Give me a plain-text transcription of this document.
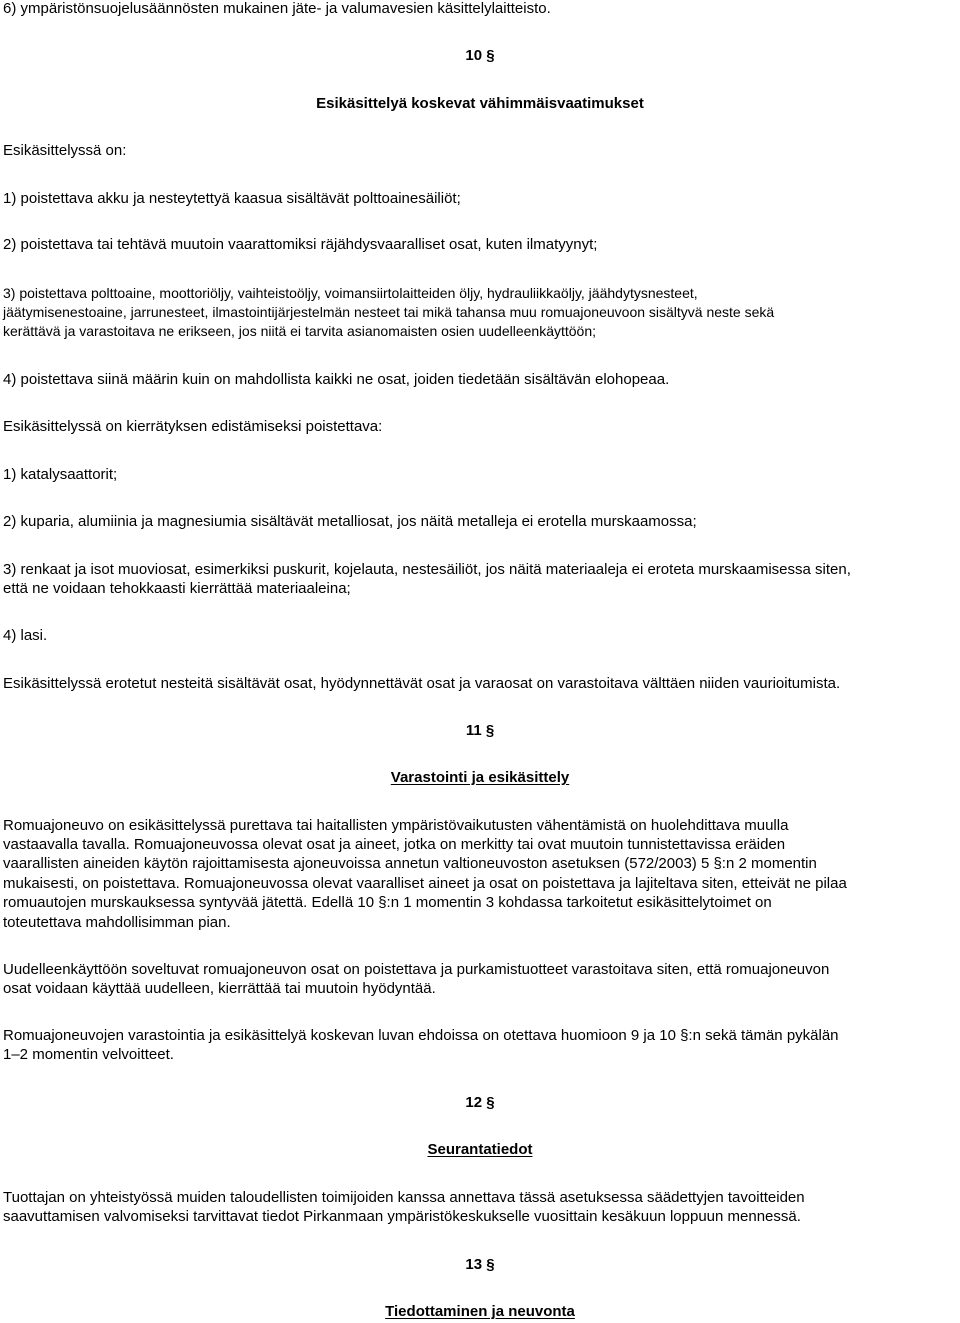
6) ympäristönsuojelusäännösten mukainen jäte- ja valumavesien käsittelylaitteisto.

10 §

Esikäsittelyä koskevat vähimmäisvaatimukset

Esikäsittelyssä on:

1) poistettava akku ja nesteytettyä kaasua sisältävät polttoainesäiliöt;

2) poistettava tai tehtävä muutoin vaarattomiksi räjähdysvaaralliset osat, kuten ilmatyynyt;

3) poistettava polttoaine, moottoriöljy, vaihteistoöljy, voimansiirtolaitteiden öljy, hydrauliikkaöljy, jäähdytysnesteet,

jäätymisenestoaine, jarrunesteet, ilmastointijärjestelmän nesteet tai mikä tahansa muu romuajoneuvoon sisältyvä neste sekä

kerättävä ja varastoitava ne erikseen, jos niitä ei tarvita asianomaisten osien uudelleenkäyttöön;

4) poistettava siinä määrin kuin on mahdollista kaikki ne osat, joiden tiedetään sisältävän elohopeaa.

Esikäsittelyssä on kierrätyksen edistämiseksi poistettava:

1) katalysaattorit;

2) kuparia, alumiinia ja magnesiumia sisältävät metalliosat, jos näitä metalleja ei erotella murskaamossa;

3) renkaat ja isot muoviosat, esimerkiksi puskurit, kojelauta, nestesäiliöt, jos näitä materiaaleja ei eroteta murskaamisessa siten,

että ne voidaan tehokkaasti kierrättää materiaaleina;

4) lasi.

Esikäsittelyssä erotetut nesteitä sisältävät osat, hyödynnettävät osat ja varaosat on varastoitava välttäen niiden vaurioitumista.

11 §

Varastointi ja esikäsittely

Romuajoneuvo on esikäsittelyssä purettava tai haitallisten ympäristövaikutusten vähentämistä on huolehdittava muulla

vastaavalla tavalla. Romuajoneuvossa olevat osat ja aineet, jotka on merkitty tai ovat muutoin tunnistettavissa eräiden

vaarallisten aineiden käytön rajoittamisesta ajoneuvoissa annetun valtioneuvoston asetuksen (572/2003) 5 §:n 2 momentin

mukaisesti, on poistettava. Romuajoneuvossa olevat vaaralliset aineet ja osat on poistettava ja lajiteltava siten, etteivät ne pilaa

romuautojen murskauksessa syntyvää jätettä. Edellä 10 §:n 1 momentin 3 kohdassa tarkoitetut esikäsittelytoimet on

toteutettava mahdollisimman pian.

Uudelleenkäyttöön soveltuvat romuajoneuvon osat on poistettava ja purkamistuotteet varastoitava siten, että romuajoneuvon

osat voidaan käyttää uudelleen, kierrättää tai muutoin hyödyntää.

Romuajoneuvojen varastointia ja esikäsittelyä koskevan luvan ehdoissa on otettava huomioon 9 ja 10 §:n sekä tämän pykälän

1–2 momentin velvoitteet.

12 §

Seurantatiedot

Tuottajan on yhteistyössä muiden taloudellisten toimijoiden kanssa annettava tässä asetuksessa säädettyjen tavoitteiden

saavuttamisen valvomiseksi tarvittavat tiedot Pirkanmaan ympäristökeskukselle vuosittain kesäkuun loppuun mennessä.

13 §

Tiedottaminen ja neuvonta
